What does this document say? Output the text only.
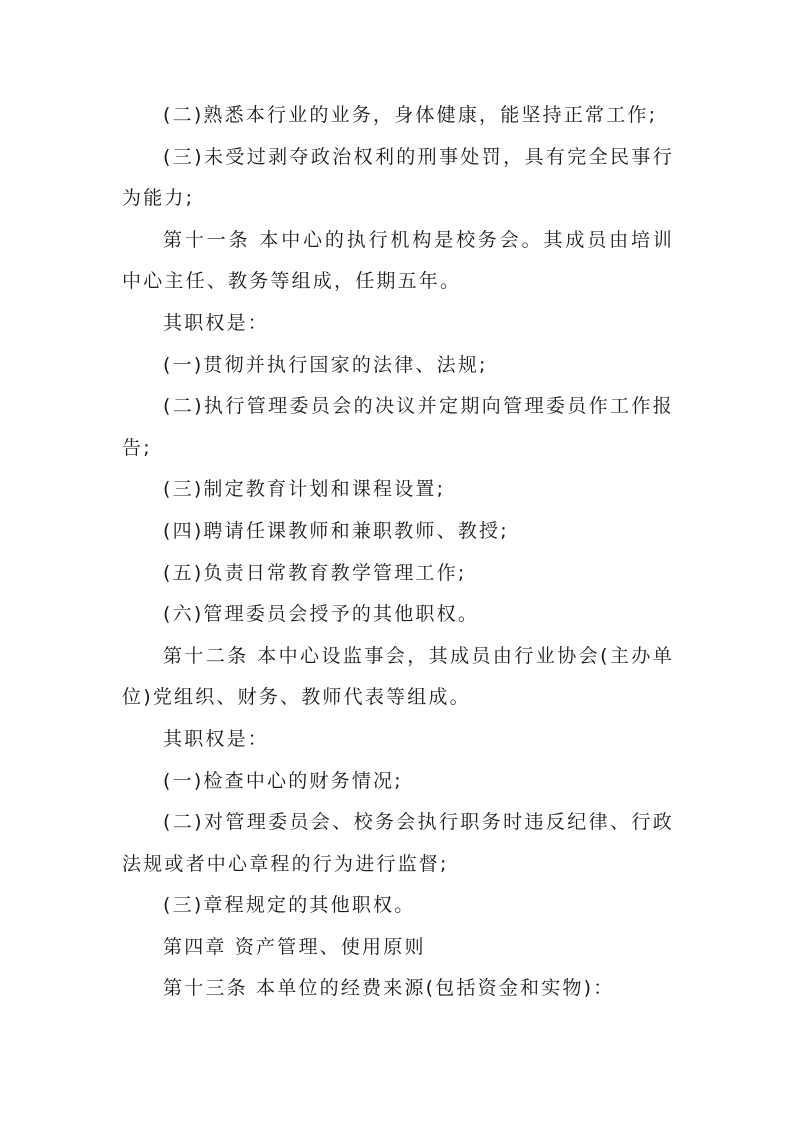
(二)熟悉本行业的业务，身体健康，能坚持正常工作;

(三)未受过剥夺政治权利的刑事处罚，具有完全民事行为能力;

第十一条 本中心的执行机构是校务会。其成员由培训中心主任、教务等组成，任期五年。

其职权是：

(一)贯彻并执行国家的法律、法规;

(二)执行管理委员会的决议并定期向管理委员作工作报告;

(三)制定教育计划和课程设置;

(四)聘请任课教师和兼职教师、教授;

(五)负责日常教育教学管理工作;

(六)管理委员会授予的其他职权。

第十二条 本中心设监事会，其成员由行业协会(主办单位)党组织、财务、教师代表等组成。

其职权是：

(一)检查中心的财务情况;

(二)对管理委员会、校务会执行职务时违反纪律、行政法规或者中心章程的行为进行监督;

(三)章程规定的其他职权。

第四章 资产管理、使用原则

第十三条 本单位的经费来源(包括资金和实物)：
